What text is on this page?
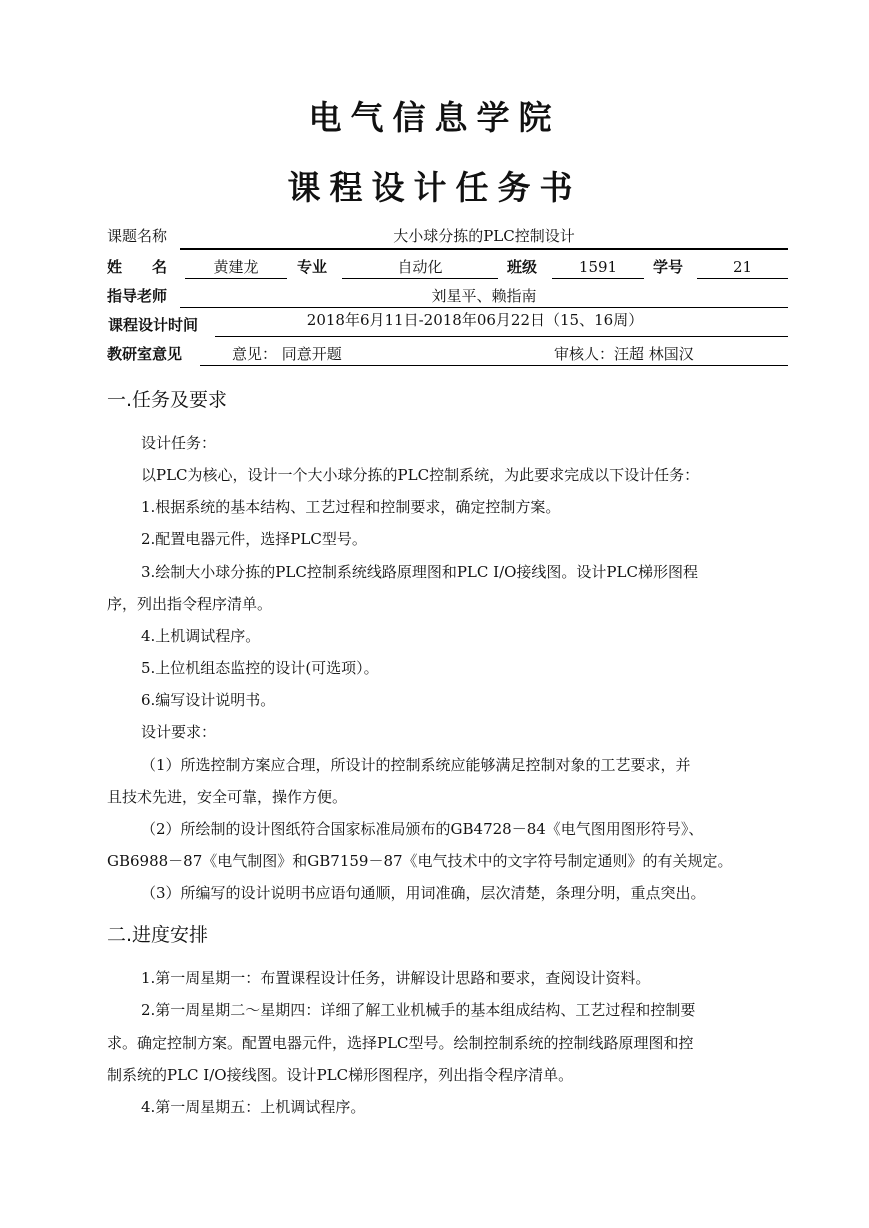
电气信息学院
课程设计任务书
课题名称	大小球分拣的PLC控制设计
姓　　名	黄建龙	专业	自动化	班级	1591	学号	21
指导老师	刘星平、赖指南
课程设计时间	2018年6月11日-2018年06月22日（15、16周）
教研室意见	意见： 同意开题	审核人：汪超 林国汉
一.任务及要求
设计任务：
以PLC为核心，设计一个大小球分拣的PLC控制系统，为此要求完成以下设计任务：
1.根据系统的基本结构、工艺过程和控制要求，确定控制方案。
2.配置电器元件，选择PLC型号。
3.绘制大小球分拣的PLC控制系统线路原理图和PLC I/O接线图。设计PLC梯形图程
序，列出指令程序清单。
4.上机调试程序。
5.上位机组态监控的设计(可选项）。
6.编写设计说明书。
设计要求：
（1）所选控制方案应合理，所设计的控制系统应能够满足控制对象的工艺要求，并
且技术先进，安全可靠，操作方便。
（2）所绘制的设计图纸符合国家标准局颁布的GB4728－84《电气图用图形符号》、
GB6988－87《电气制图》和GB7159－87《电气技术中的文字符号制定通则》的有关规定。
（3）所编写的设计说明书应语句通顺，用词准确，层次清楚，条理分明，重点突出。
二.进度安排
1.第一周星期一：布置课程设计任务，讲解设计思路和要求，查阅设计资料。
2.第一周星期二～星期四：详细了解工业机械手的基本组成结构、工艺过程和控制要
求。确定控制方案。配置电器元件，选择PLC型号。绘制控制系统的控制线路原理图和控
制系统的PLC I/O接线图。设计PLC梯形图程序，列出指令程序清单。
4.第一周星期五：上机调试程序。
